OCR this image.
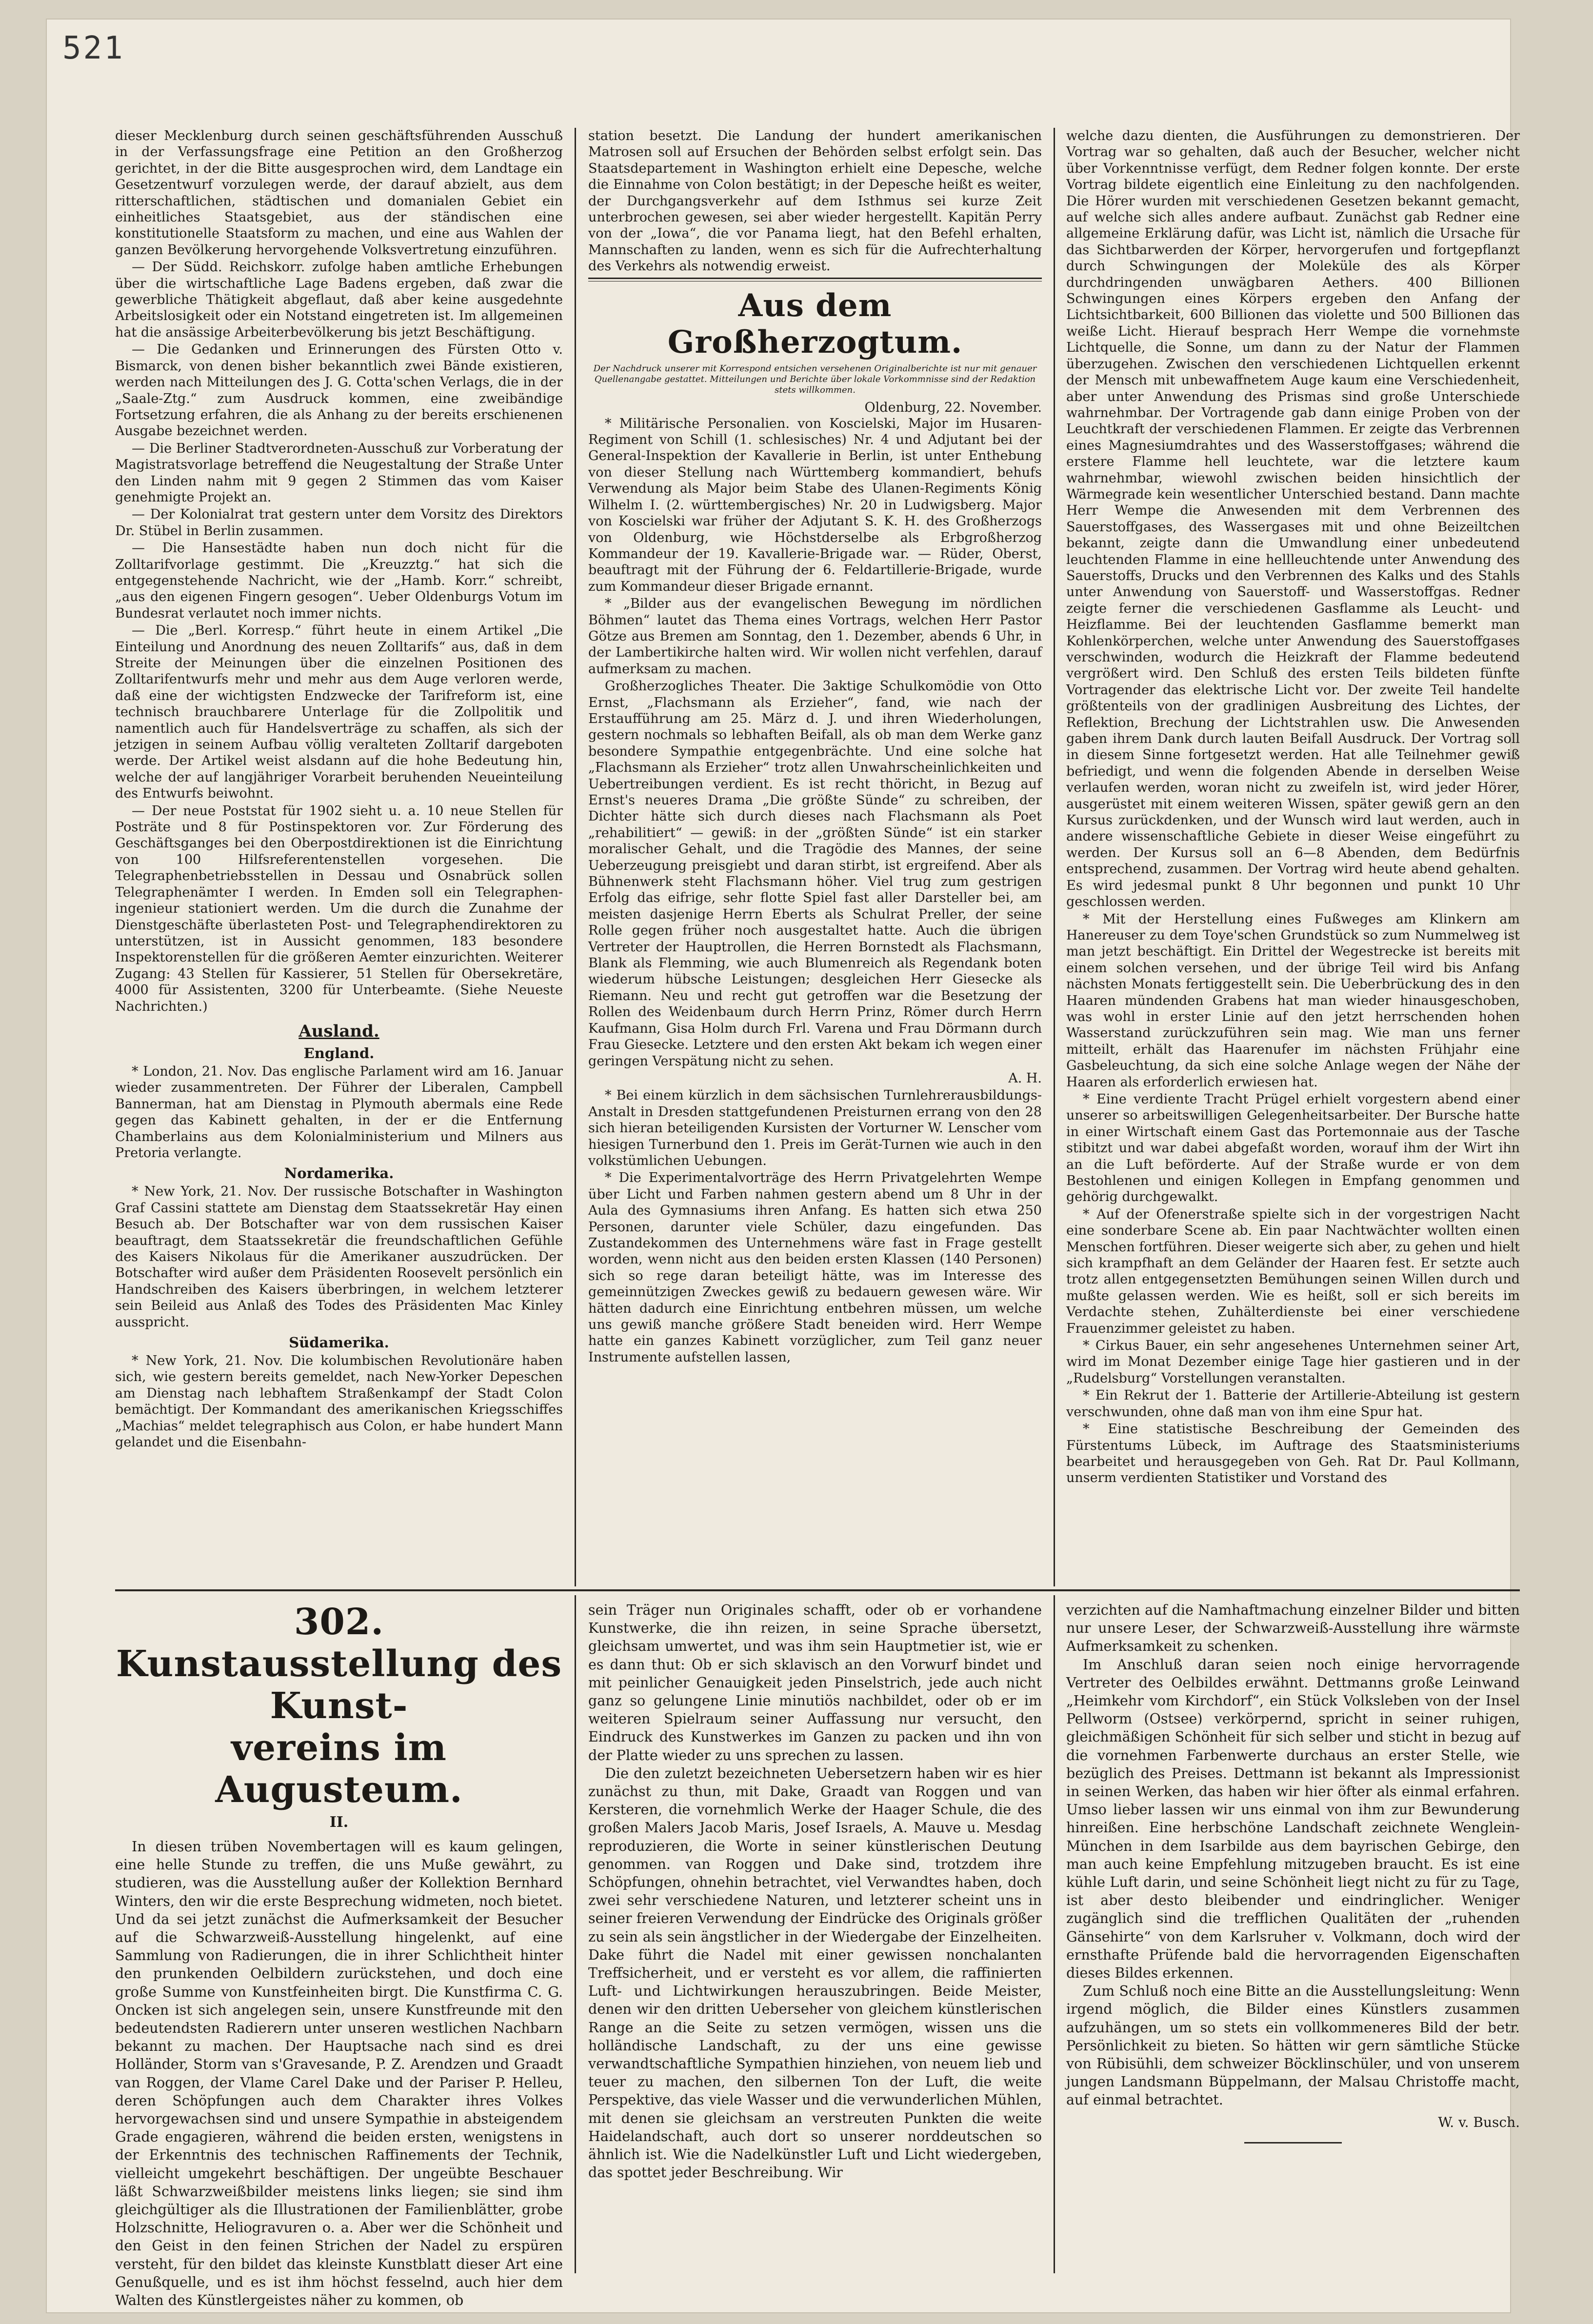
521

dieser Mecklenburg durch seinen geschäftsführenden Ausschuß in der Verfassungsfrage eine Petition an den Großherzog gerichtet, in der die Bitte ausgesprochen wird, dem Landtage ein Gesetzentwurf vorzulegen werde, der darauf abzielt, aus dem ritterschaftlichen, städtischen und domanialen Gebiet ein einheitliches Staatsgebiet, aus der ständischen eine konstitutionelle Staatsform zu machen, und eine aus Wahlen der ganzen Bevölkerung hervorgehende Volksvertretung einzuführen.

— Der Südd. Reichskorr. zufolge haben amtliche Erhebungen über die wirtschaftliche Lage Badens ergeben, daß zwar die gewerbliche Thätigkeit abgeflaut, daß aber keine ausgedehnte Arbeitslosigkeit oder ein Notstand eingetreten ist. Im allgemeinen hat die ansässige Arbeiterbevölkerung bis jetzt Beschäftigung.

— Die Gedanken und Erinnerungen des Fürsten Otto v. Bismarck, von denen bisher bekanntlich zwei Bände existieren, werden nach Mitteilungen des J. G. Cotta'schen Verlags, die in der „Saale-Ztg.“ zum Ausdruck kommen, eine zweibändige Fortsetzung erfahren, die als Anhang zu der bereits erschienenen Ausgabe bezeichnet werden.

— Die Berliner Stadtverordneten-Ausschuß zur Vorberatung der Magistratsvorlage betreffend die Neugestaltung der Straße Unter den Linden nahm mit 9 gegen 2 Stimmen das vom Kaiser genehmigte Projekt an.

— Der Kolonialrat trat gestern unter dem Vorsitz des Direktors Dr. Stübel in Berlin zusammen.

— Die Hansestädte haben nun doch nicht für die Zolltarifvorlage gestimmt. Die „Kreuzztg.“ hat sich die entgegenstehende Nachricht, wie der „Hamb. Korr.“ schreibt, „aus den eigenen Fingern gesogen“. Ueber Oldenburgs Votum im Bundesrat verlautet noch immer nichts.

— Die „Berl. Korresp.“ führt heute in einem Artikel „Die Einteilung und Anordnung des neuen Zolltarifs“ aus, daß in dem Streite der Meinungen über die einzelnen Positionen des Zolltarifentwurfs mehr und mehr aus dem Auge verloren werde, daß eine der wichtigsten Endzwecke der Tarifreform ist, eine technisch brauchbarere Unterlage für die Zollpolitik und namentlich auch für Handelsverträge zu schaffen, als sich der jetzigen in seinem Aufbau völlig veralteten Zolltarif dargeboten werde. Der Artikel weist alsdann auf die hohe Bedeutung hin, welche der auf langjähriger Vorarbeit beruhenden Neueinteilung des Entwurfs beiwohnt.

— Der neue Poststat für 1902 sieht u. a. 10 neue Stellen für Posträte und 8 für Postinspektoren vor. Zur Förderung des Geschäftsganges bei den Oberpostdirektionen ist die Einrichtung von 100 Hilfsreferentenstellen vorgesehen. Die Telegraphenbetriebsstellen in Dessau und Osnabrück sollen Telegraphenämter I werden. In Emden soll ein Telegraphen-ingenieur stationiert werden. Um die durch die Zunahme der Dienstgeschäfte überlasteten Post- und Telegraphendirektoren zu unterstützen, ist in Aussicht genommen, 183 besondere Inspektorenstellen für die größeren Aemter einzurichten. Weiterer Zugang: 43 Stellen für Kassierer, 51 Stellen für Obersekretäre, 4000 für Assistenten, 3200 für Unterbeamte. (Siehe Neueste Nachrichten.)

Ausland.
England.

* London, 21. Nov. Das englische Parlament wird am 16. Januar wieder zusammentreten. Der Führer der Liberalen, Campbell Bannerman, hat am Dienstag in Plymouth abermals eine Rede gegen das Kabinett gehalten, in der er die Entfernung Chamberlains aus dem Kolonialministerium und Milners aus Pretoria verlangte.

Nordamerika.

* New York, 21. Nov. Der russische Botschafter in Washington Graf Cassini stattete am Dienstag dem Staatssekretär Hay einen Besuch ab. Der Botschafter war von dem russischen Kaiser beauftragt, dem Staatssekretär die freundschaftlichen Gefühle des Kaisers Nikolaus für die Amerikaner auszudrücken. Der Botschafter wird außer dem Präsidenten Roosevelt persönlich ein Handschreiben des Kaisers überbringen, in welchem letzterer sein Beileid aus Anlaß des Todes des Präsidenten Mac Kinley ausspricht.

Südamerika.

* New York, 21. Nov. Die kolumbischen Revolutionäre haben sich, wie gestern bereits gemeldet, nach New-Yorker Depeschen am Dienstag nach lebhaftem Straßenkampf der Stadt Colon bemächtigt. Der Kommandant des amerikanischen Kriegsschiffes „Machias“ meldet telegraphisch aus Colon, er habe hundert Mann gelandet und die Eisenbahn-

station besetzt. Die Landung der hundert amerikanischen Matrosen soll auf Ersuchen der Behörden selbst erfolgt sein. Das Staatsdepartement in Washington erhielt eine Depesche, welche die Einnahme von Colon bestätigt; in der Depesche heißt es weiter, der Durchgangsverkehr auf dem Isthmus sei kurze Zeit unterbrochen gewesen, sei aber wieder hergestellt. Kapitän Perry von der „Iowa“, die vor Panama liegt, hat den Befehl erhalten, Mannschaften zu landen, wenn es sich für die Aufrechterhaltung des Verkehrs als notwendig erweist.

Aus dem Großherzogtum.
Der Nachdruck unserer mit Korrespond entsichen versehenen Originalberichte ist nur mit genauer Quellenangabe gestattet. Mitteilungen und Berichte über lokale Vorkommnisse sind der Redaktion stets willkommen.
Oldenburg, 22. November.

* Militärische Personalien. von Koscielski, Major im Husaren-Regiment von Schill (1. schlesisches) Nr. 4 und Adjutant bei der General-Inspektion der Kavallerie in Berlin, ist unter Enthebung von dieser Stellung nach Württemberg kommandiert, behufs Verwendung als Major beim Stabe des Ulanen-Regiments König Wilhelm I. (2. württembergisches) Nr. 20 in Ludwigsberg. Major von Koscielski war früher der Adjutant S. K. H. des Großherzogs von Oldenburg, wie Höchstderselbe als Erbgroßherzog Kommandeur der 19. Kavallerie-Brigade war. — Rüder, Oberst, beauftragt mit der Führung der 6. Feldartillerie-Brigade, wurde zum Kommandeur dieser Brigade ernannt.

* „Bilder aus der evangelischen Bewegung im nördlichen Böhmen“ lautet das Thema eines Vortrags, welchen Herr Pastor Götze aus Bremen am Sonntag, den 1. Dezember, abends 6 Uhr, in der Lambertikirche halten wird. Wir wollen nicht verfehlen, darauf aufmerksam zu machen.

Großherzogliches Theater. Die 3aktige Schulkomödie von Otto Ernst, „Flachsmann als Erzieher“, fand, wie nach der Erstaufführung am 25. März d. J. und ihren Wiederholungen, gestern nochmals so lebhaften Beifall, als ob man dem Werke ganz besondere Sympathie entgegenbrächte. Und eine solche hat „Flachsmann als Erzieher“ trotz allen Unwahrscheinlichkeiten und Uebertreibungen verdient. Es ist recht thöricht, in Bezug auf Ernst's neueres Drama „Die größte Sünde“ zu schreiben, der Dichter hätte sich durch dieses nach Flachsmann als Poet „rehabilitiert“ — gewiß: in der „größten Sünde“ ist ein starker moralischer Gehalt, und die Tragödie des Mannes, der seine Ueberzeugung preisgiebt und daran stirbt, ist ergreifend. Aber als Bühnenwerk steht Flachsmann höher. Viel trug zum gestrigen Erfolg das eifrige, sehr flotte Spiel fast aller Darsteller bei, am meisten dasjenige Herrn Eberts als Schulrat Preller, der seine Rolle gegen früher noch ausgestaltet hatte. Auch die übrigen Vertreter der Hauptrollen, die Herren Bornstedt als Flachsmann, Blank als Flemming, wie auch Blumenreich als Regendank boten wiederum hübsche Leistungen; desgleichen Herr Giesecke als Riemann. Neu und recht gut getroffen war die Besetzung der Rollen des Weidenbaum durch Herrn Prinz, Römer durch Herrn Kaufmann, Gisa Holm durch Frl. Varena und Frau Dörmann durch Frau Giesecke. Letztere und den ersten Akt bekam ich wegen einer geringen Verspätung nicht zu sehen.

A. H.

* Bei einem kürzlich in dem sächsischen Turnlehrerausbildungs-Anstalt in Dresden stattgefundenen Preisturnen errang von den 28 sich hieran beteiligenden Kursisten der Vorturner W. Lenscher vom hiesigen Turnerbund den 1. Preis im Gerät-Turnen wie auch in den volkstümlichen Uebungen.

* Die Experimentalvorträge des Herrn Privatgelehrten Wempe über Licht und Farben nahmen gestern abend um 8 Uhr in der Aula des Gymnasiums ihren Anfang. Es hatten sich etwa 250 Personen, darunter viele Schüler, dazu eingefunden. Das Zustandekommen des Unternehmens wäre fast in Frage gestellt worden, wenn nicht aus den beiden ersten Klassen (140 Personen) sich so rege daran beteiligt hätte, was im Interesse des gemeinnützigen Zweckes gewiß zu bedauern gewesen wäre. Wir hätten dadurch eine Einrichtung entbehren müssen, um welche uns gewiß manche größere Stadt beneiden wird. Herr Wempe hatte ein ganzes Kabinett vorzüglicher, zum Teil ganz neuer Instrumente aufstellen lassen,

welche dazu dienten, die Ausführungen zu demonstrieren. Der Vortrag war so gehalten, daß auch der Besucher, welcher nicht über Vorkenntnisse verfügt, dem Redner folgen konnte. Der erste Vortrag bildete eigentlich eine Einleitung zu den nachfolgenden. Die Hörer wurden mit verschiedenen Gesetzen bekannt gemacht, auf welche sich alles andere aufbaut. Zunächst gab Redner eine allgemeine Erklärung dafür, was Licht ist, nämlich die Ursache für das Sichtbarwerden der Körper, hervorgerufen und fortgepflanzt durch Schwingungen der Moleküle des als Körper durchdringenden unwägbaren Aethers. 400 Billionen Schwingungen eines Körpers ergeben den Anfang der Lichtsichtbarkeit, 600 Billionen das violette und 500 Billionen das weiße Licht. Hierauf besprach Herr Wempe die vornehmste Lichtquelle, die Sonne, um dann zu der Natur der Flammen überzugehen. Zwischen den verschiedenen Lichtquellen erkennt der Mensch mit unbewaffnetem Auge kaum eine Verschiedenheit, aber unter Anwendung des Prismas sind große Unterschiede wahrnehmbar. Der Vortragende gab dann einige Proben von der Leuchtkraft der verschiedenen Flammen. Er zeigte das Verbrennen eines Magnesiumdrahtes und des Wasserstoffgases; während die erstere Flamme hell leuchtete, war die letztere kaum wahrnehmbar, wiewohl zwischen beiden hinsichtlich der Wärmegrade kein wesentlicher Unterschied bestand. Dann machte Herr Wempe die Anwesenden mit dem Verbrennen des Sauerstoffgases, des Wassergases mit und ohne Beizeiltchen bekannt, zeigte dann die Umwandlung einer unbedeutend leuchtenden Flamme in eine hellleuchtende unter Anwendung des Sauerstoffs, Drucks und den Verbrennen des Kalks und des Stahls unter Anwendung von Sauerstoff- und Wasserstoffgas. Redner zeigte ferner die verschiedenen Gasflamme als Leucht- und Heizflamme. Bei der leuchtenden Gasflamme bemerkt man Kohlenkörperchen, welche unter Anwendung des Sauerstoffgases verschwinden, wodurch die Heizkraft der Flamme bedeutend vergrößert wird. Den Schluß des ersten Teils bildeten fünfte Vortragender das elektrische Licht vor. Der zweite Teil handelte größtenteils von der gradlinigen Ausbreitung des Lichtes, der Reflektion, Brechung der Lichtstrahlen usw. Die Anwesenden gaben ihrem Dank durch lauten Beifall Ausdruck. Der Vortrag soll in diesem Sinne fortgesetzt werden. Hat alle Teilnehmer gewiß befriedigt, und wenn die folgenden Abende in derselben Weise verlaufen werden, woran nicht zu zweifeln ist, wird jeder Hörer, ausgerüstet mit einem weiteren Wissen, später gewiß gern an den Kursus zurückdenken, und der Wunsch wird laut werden, auch in andere wissenschaftliche Gebiete in dieser Weise eingeführt zu werden. Der Kursus soll an 6—8 Abenden, dem Bedürfnis entsprechend, zusammen. Der Vortrag wird heute abend gehalten. Es wird jedesmal punkt 8 Uhr begonnen und punkt 10 Uhr geschlossen werden.

* Mit der Herstellung eines Fußweges am Klinkern am Hanereuser zu dem Toye'schen Grundstück so zum Nummelweg ist man jetzt beschäftigt. Ein Drittel der Wegestrecke ist bereits mit einem solchen versehen, und der übrige Teil wird bis Anfang nächsten Monats fertiggestellt sein. Die Ueberbrückung des in den Haaren mündenden Grabens hat man wieder hinausgeschoben, was wohl in erster Linie auf den jetzt herrschenden hohen Wasserstand zurückzuführen sein mag. Wie man uns ferner mitteilt, erhält das Haarenufer im nächsten Frühjahr eine Gasbeleuchtung, da sich eine solche Anlage wegen der Nähe der Haaren als erforderlich erwiesen hat.

* Eine verdiente Tracht Prügel erhielt vorgestern abend einer unserer so arbeitswilligen Gelegenheitsarbeiter. Der Bursche hatte in einer Wirtschaft einem Gast das Portemonnaie aus der Tasche stibitzt und war dabei abgefaßt worden, worauf ihm der Wirt ihn an die Luft beförderte. Auf der Straße wurde er von dem Bestohlenen und einigen Kollegen in Empfang genommen und gehörig durchgewalkt.

* Auf der Ofenerstraße spielte sich in der vorgestrigen Nacht eine sonderbare Scene ab. Ein paar Nachtwächter wollten einen Menschen fortführen. Dieser weigerte sich aber, zu gehen und hielt sich krampfhaft an dem Geländer der Haaren fest. Er setzte auch trotz allen entgegensetzten Bemühungen seinen Willen durch und mußte gelassen werden. Wie es heißt, soll er sich bereits im Verdachte stehen, Zuhälterdienste bei einer verschiedene Frauenzimmer geleistet zu haben.

* Cirkus Bauer, ein sehr angesehenes Unternehmen seiner Art, wird im Monat Dezember einige Tage hier gastieren und in der „Rudelsburg“ Vorstellungen veranstalten.

* Ein Rekrut der 1. Batterie der Artillerie-Abteilung ist gestern verschwunden, ohne daß man von ihm eine Spur hat.

* Eine statistische Beschreibung der Gemeinden des Fürstentums Lübeck, im Auftrage des Staatsministeriums bearbeitet und herausgegeben von Geh. Rat Dr. Paul Kollmann, unserm verdienten Statistiker und Vorstand des

302. Kunstausstellung des Kunst-
vereins im Augusteum.
II.

In diesen trüben Novembertagen will es kaum gelingen, eine helle Stunde zu treffen, die uns Muße gewährt, zu studieren, was die Ausstellung außer der Kollektion Bernhard Winters, den wir die erste Besprechung widmeten, noch bietet. Und da sei jetzt zunächst die Aufmerksamkeit der Besucher auf die Schwarzweiß-Ausstellung hingelenkt, auf eine Sammlung von Radierungen, die in ihrer Schlichtheit hinter den prunkenden Oelbildern zurückstehen, und doch eine große Summe von Kunstfeinheiten birgt. Die Kunstfirma C. G. Oncken ist sich angelegen sein, unsere Kunstfreunde mit den bedeutendsten Radierern unter unseren westlichen Nachbarn bekannt zu machen. Der Hauptsache nach sind es drei Holländer, Storm van s'Gravesande, P. Z. Arendzen und Graadt van Roggen, der Vlame Carel Dake und der Pariser P. Helleu, deren Schöpfungen auch dem Charakter ihres Volkes hervorgewachsen sind und unsere Sympathie in absteigendem Grade engagieren, während die beiden ersten, wenigstens in der Erkenntnis des technischen Raffinements der Technik, vielleicht umgekehrt beschäftigen. Der ungeübte Beschauer läßt Schwarzweißbilder meistens links liegen; sie sind ihm gleichgültiger als die Illustrationen der Familienblätter, grobe Holzschnitte, Heliogravuren o. a. Aber wer die Schönheit und den Geist in den feinen Strichen der Nadel zu erspüren versteht, für den bildet das kleinste Kunstblatt dieser Art eine Genußquelle, und es ist ihm höchst fesselnd, auch hier dem Walten des Künstlergeistes näher zu kommen, ob

sein Träger nun Originales schafft, oder ob er vorhandene Kunstwerke, die ihn reizen, in seine Sprache übersetzt, gleichsam umwertet, und was ihm sein Hauptmetier ist, wie er es dann thut: Ob er sich sklavisch an den Vorwurf bindet und mit peinlicher Genauigkeit jeden Pinselstrich, jede auch nicht ganz so gelungene Linie minutiös nachbildet, oder ob er im weiteren Spielraum seiner Auffassung nur versucht, den Eindruck des Kunstwerkes im Ganzen zu packen und ihn von der Platte wieder zu uns sprechen zu lassen.

Die den zuletzt bezeichneten Uebersetzern haben wir es hier zunächst zu thun, mit Dake, Graadt van Roggen und van Kersteren, die vornehmlich Werke der Haager Schule, die des großen Malers Jacob Maris, Josef Israels, A. Mauve u. Mesdag reproduzieren, die Worte in seiner künstlerischen Deutung genommen. van Roggen und Dake sind, trotzdem ihre Schöpfungen, ohnehin betrachtet, viel Verwandtes haben, doch zwei sehr verschiedene Naturen, und letzterer scheint uns in seiner freieren Verwendung der Eindrücke des Originals größer zu sein als sein ängstlicher in der Wiedergabe der Einzelheiten. Dake führt die Nadel mit einer gewissen nonchalanten Treffsicherheit, und er versteht es vor allem, die raffinierten Luft- und Lichtwirkungen herauszubringen. Beide Meister, denen wir den dritten Ueberseher von gleichem künstlerischen Range an die Seite zu setzen vermögen, wissen uns die holländische Landschaft, zu der uns eine gewisse verwandtschaftliche Sympathien hinziehen, von neuem lieb und teuer zu machen, den silbernen Ton der Luft, die weite Perspektive, das viele Wasser und die verwunderlichen Mühlen, mit denen sie gleichsam an verstreuten Punkten die weite Haidelandschaft, auch dort so unserer norddeutschen so ähnlich ist. Wie die Nadelkünstler Luft und Licht wiedergeben, das spottet jeder Beschreibung. Wir

verzichten auf die Namhaftmachung einzelner Bilder und bitten nur unsere Leser, der Schwarzweiß-Ausstellung ihre wärmste Aufmerksamkeit zu schenken.

Im Anschluß daran seien noch einige hervorragende Vertreter des Oelbildes erwähnt. Dettmanns große Leinwand „Heimkehr vom Kirchdorf“, ein Stück Volksleben von der Insel Pellworm (Ostsee) verkörpernd, spricht in seiner ruhigen, gleichmäßigen Schönheit für sich selber und sticht in bezug auf die vornehmen Farbenwerte durchaus an erster Stelle, wie bezüglich des Preises. Dettmann ist bekannt als Impressionist in seinen Werken, das haben wir hier öfter als einmal erfahren. Umso lieber lassen wir uns einmal von ihm zur Bewunderung hinreißen. Eine herbschöne Landschaft zeichnete Wenglein-München in dem Isarbilde aus dem bayrischen Gebirge, den man auch keine Empfehlung mitzugeben braucht. Es ist eine kühle Luft darin, und seine Schönheit liegt nicht zu für zu Tage, ist aber desto bleibender und eindringlicher. Weniger zugänglich sind die trefflichen Qualitäten der „ruhenden Gänsehirte“ von dem Karlsruher v. Volkmann, doch wird der ernsthafte Prüfende bald die hervorragenden Eigenschaften dieses Bildes erkennen.

Zum Schluß noch eine Bitte an die Ausstellungsleitung: Wenn irgend möglich, die Bilder eines Künstlers zusammen aufzuhängen, um so stets ein vollkommeneres Bild der betr. Persönlichkeit zu bieten. So hätten wir gern sämtliche Stücke von Rübisühli, dem schweizer Böcklinschüler, und von unserem jungen Landsmann Büppelmann, der Malsau Christoffe macht, auf einmal betrachtet.

W. v. Busch.
